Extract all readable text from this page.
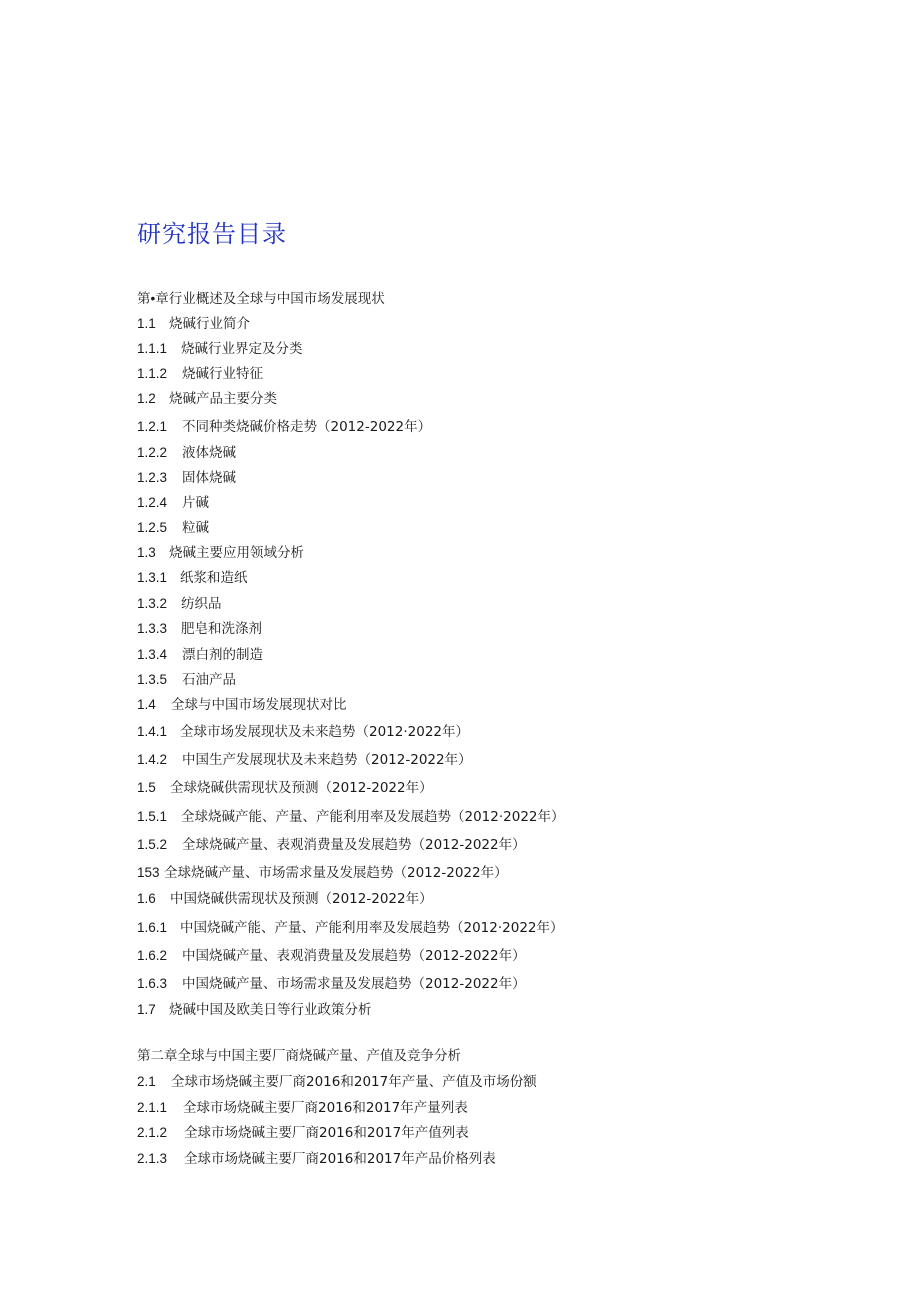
研究报告目录
第•章行业概述及全球与中国市场发展现状
1.1 烧碱行业简介
1.1.1 烧碱行业界定及分类
1.1.2 烧碱行业特征
1.2 烧碱产品主要分类
1.2.1 不同种类烧碱价格走势（2012-2022年）
1.2.2 液体烧碱
1.2.3 固体烧碱
1.2.4 片碱
1.2.5 粒碱
1.3 烧碱主要应用领域分析
1.3.1 纸浆和造纸
1.3.2 纺织品
1.3.3 肥皂和洗涤剂
1.3.4 漂白剂的制造
1.3.5 石油产品
1.4 全球与中国市场发展现状对比
1.4.1 全球市场发展现状及未来趋势（2012·2022年）
1.4.2 中国生产发展现状及未来趋势（2012-2022年）
1.5 全球烧碱供需现状及预测（2012-2022年）
1.5.1 全球烧碱产能、产量、产能利用率及发展趋势（2012·2022年）
1.5.2 全球烧碱产量、表观消费量及发展趋势（2012-2022年）
153 全球烧碱产量、市场需求量及发展趋势（2012-2022年）
1.6 中国烧碱供需现状及预测（2012-2022年）
1.6.1 中国烧碱产能、产量、产能利用率及发展趋势（2012·2022年）
1.6.2 中国烧碱产量、表观消费量及发展趋势（2012-2022年）
1.6.3 中国烧碱产量、市场需求量及发展趋势（2012-2022年）
1.7 烧碱中国及欧美日等行业政策分析
第二章全球与中国主要厂商烧碱产量、产值及竞争分析
2.1 全球市场烧碱主要厂商2016和2017年产量、产值及市场份额
2.1.1 全球市场烧碱主要厂商2016和2017年产量列表
2.1.2 全球市场烧碱主要厂商2016和2017年产值列表
2.1.3 全球市场烧碱主要厂商2016和2017年产品价格列表
